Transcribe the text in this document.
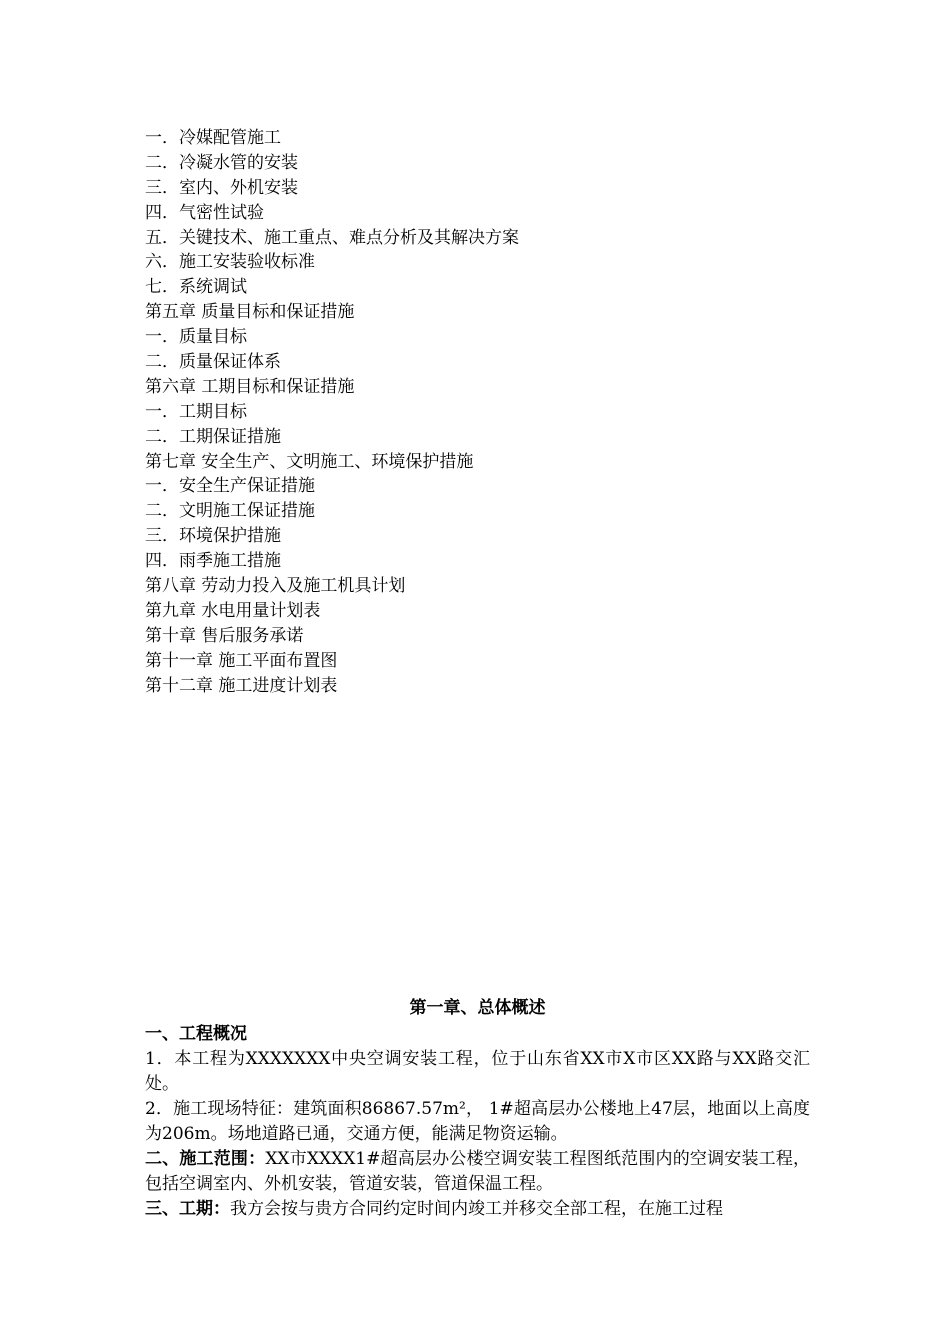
一．冷媒配管施工
二．冷凝水管的安装
三．室内、外机安装
四．气密性试验
五．关键技术、施工重点、难点分析及其解决方案
六．施工安装验收标准
七．系统调试
第五章 质量目标和保证措施
一．质量目标
二．质量保证体系
第六章 工期目标和保证措施
一．工期目标
二．工期保证措施
第七章 安全生产、文明施工、环境保护措施
一．安全生产保证措施
二．文明施工保证措施
三．环境保护措施
四．雨季施工措施
第八章 劳动力投入及施工机具计划
第九章 水电用量计划表
第十章 售后服务承诺
第十一章 施工平面布置图
第十二章 施工进度计划表
第一章、总体概述
一、工程概况
1．本工程为XXXXXXX中央空调安装工程，位于山东省XX市X市区XX路与XX路交汇处。
2．施工现场特征：建筑面积86867.57m²， 1#超高层办公楼地上47层，地面以上高度为206m。场地道路已通，交通方便，能满足物资运输。
二、施工范围：XX市XXXX1#超高层办公楼空调安装工程图纸范围内的空调安装工程，包括空调室内、外机安装，管道安装，管道保温工程。
三、工期：我方会按与贵方合同约定时间内竣工并移交全部工程，在施工过程
